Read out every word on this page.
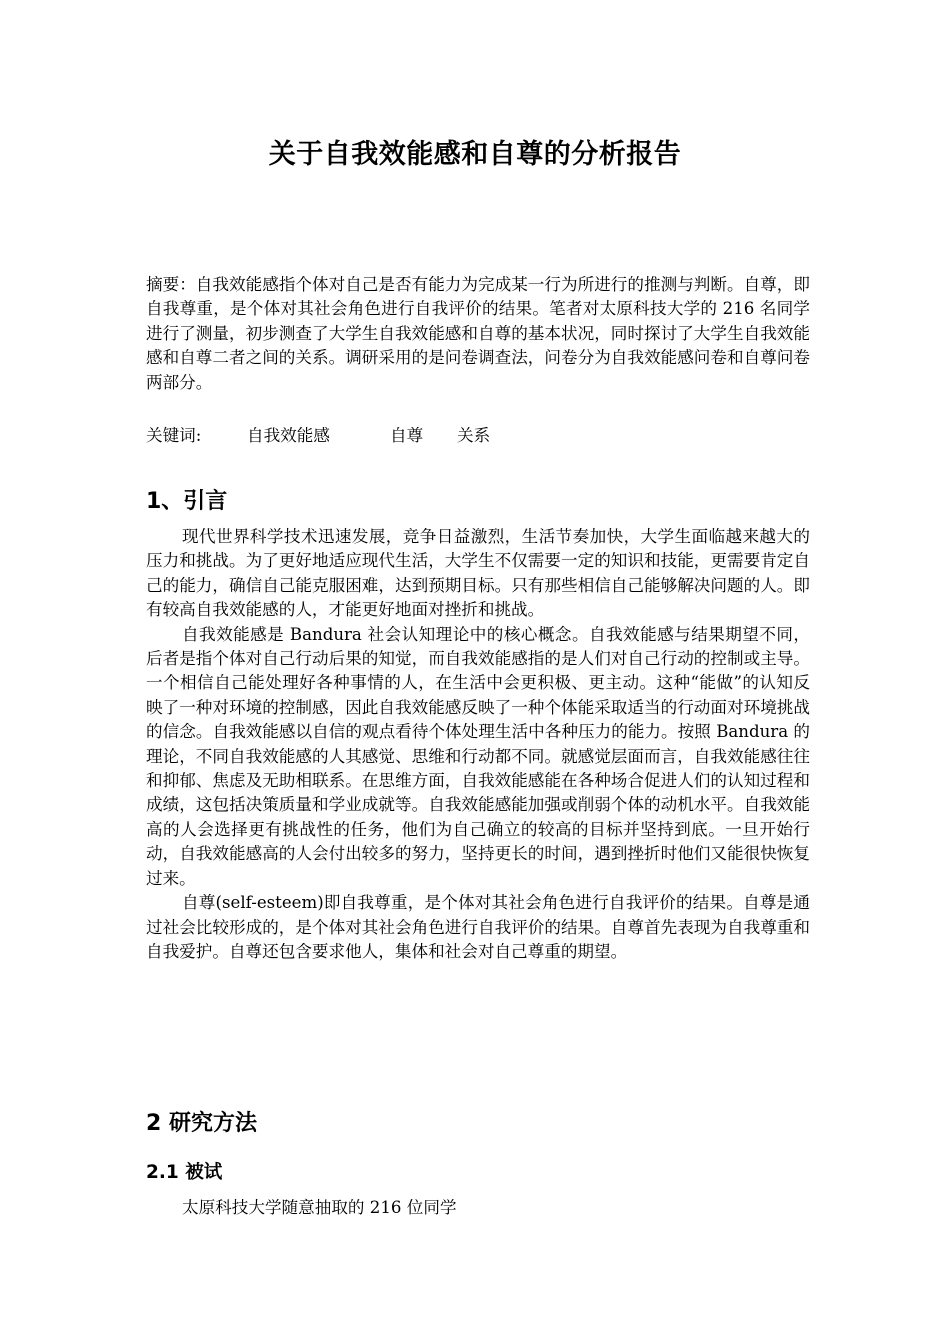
关于自我效能感和自尊的分析报告
摘要：自我效能感指个体对自己是否有能力为完成某一行为所进行的推测与判断。自尊，即自我尊重，是个体对其社会角色进行自我评价的结果。笔者对太原科技大学的 216 名同学进行了测量，初步测查了大学生自我效能感和自尊的基本状况，同时探讨了大学生自我效能感和自尊二者之间的关系。调研采用的是问卷调查法，问卷分为自我效能感问卷和自尊问卷两部分。
关键词:	自我效能感	自尊 关系
1、引言

现代世界科学技术迅速发展，竞争日益激烈，生活节奏加快，大学生面临越来越大的压力和挑战。为了更好地适应现代生活，大学生不仅需要一定的知识和技能，更需要肯定自己的能力，确信自己能克服困难，达到预期目标。只有那些相信自己能够解决问题的人。即有较高自我效能感的人，才能更好地面对挫折和挑战。

自我效能感是 Bandura 社会认知理论中的核心概念。自我效能感与结果期望不同，后者是指个体对自己行动后果的知觉，而自我效能感指的是人们对自己行动的控制或主导。一个相信自己能处理好各种事情的人，在生活中会更积极、更主动。这种“能做”的认知反映了一种对环境的控制感，因此自我效能感反映了一种个体能采取适当的行动面对环境挑战的信念。自我效能感以自信的观点看待个体处理生活中各种压力的能力。按照 Bandura 的理论，不同自我效能感的人其感觉、思维和行动都不同。就感觉层面而言，自我效能感往往和抑郁、焦虑及无助相联系。在思维方面，自我效能感能在各种场合促进人们的认知过程和成绩，这包括决策质量和学业成就等。自我效能感能加强或削弱个体的动机水平。自我效能高的人会选择更有挑战性的任务，他们为自己确立的较高的目标并坚持到底。一旦开始行动，自我效能感高的人会付出较多的努力，坚持更长的时间，遇到挫折时他们又能很快恢复过来。

自尊(self-esteem)即自我尊重，是个体对其社会角色进行自我评价的结果。自尊是通过社会比较形成的，是个体对其社会角色进行自我评价的结果。自尊首先表现为自我尊重和自我爱护。自尊还包含要求他人，集体和社会对自己尊重的期望。

2 研究方法
2.1 被试
太原科技大学随意抽取的 216 位同学
